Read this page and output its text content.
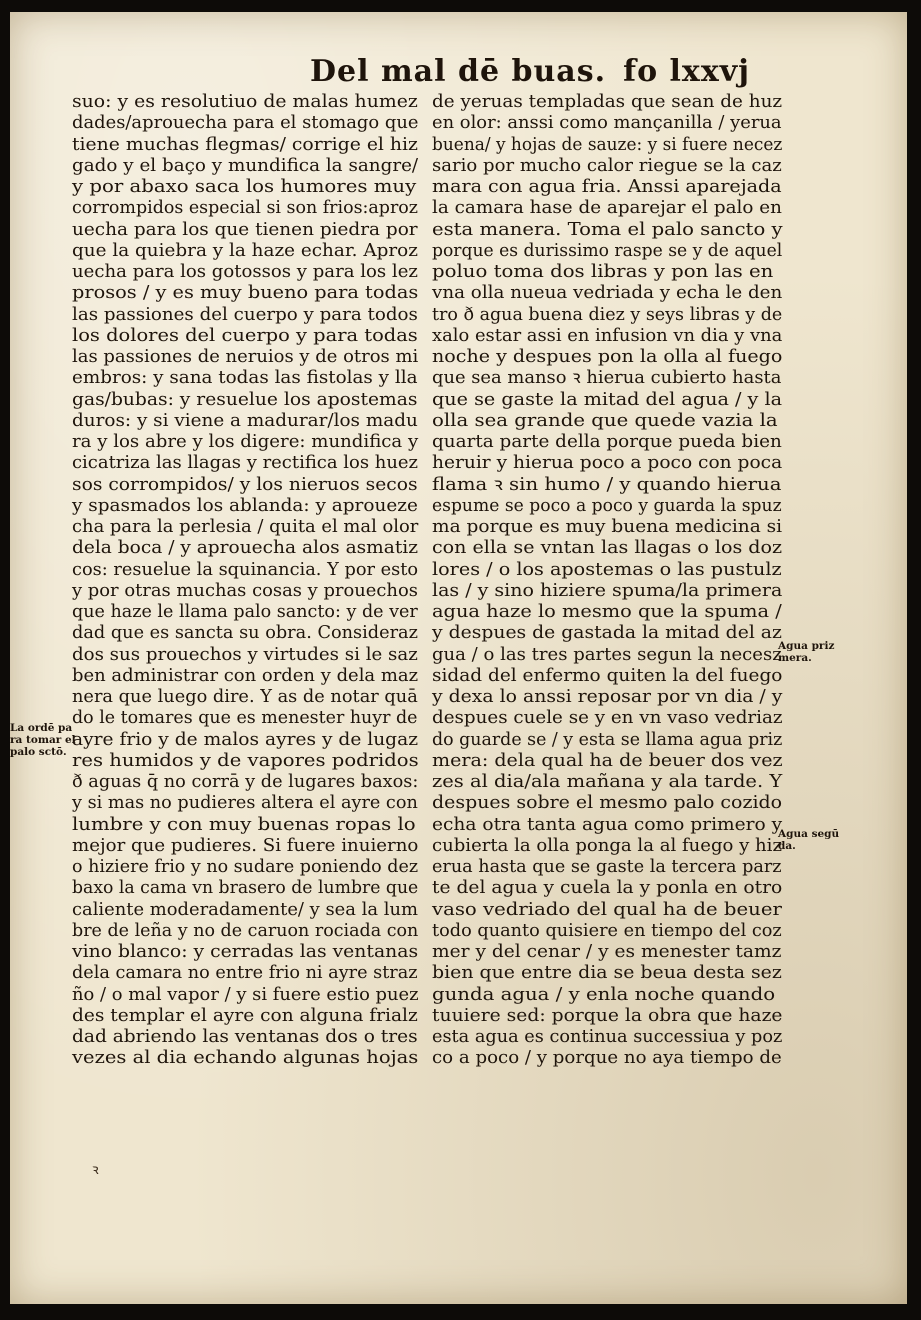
Del mal dē buas. fo lxxvj
suo: y es resolutiuo de malas humez
dades/aprouecha para el stomago que
tiene muchas flegmas/ corrige el hiz
gado y el baço y mundifica la sangre/
y por abaxo saca los humores muy
corrompidos especial si son frios:aproz
uecha para los que tienen piedra por
que la quiebra y la haze echar. Aproz
uecha para los gotossos y para los lez
prosos / y es muy bueno para todas
las passiones del cuerpo y para todos
los dolores del cuerpo y para todas
las passiones de neruios y de otros mi
embros: y sana todas las fistolas y lla
gas/bubas: y resuelue los apostemas
duros: y si viene a madurar/los madu
ra y los abre y los digere: mundifica y
cicatriza las llagas y rectifica los huez
sos corrompidos/ y los nieruos secos
y spasmados los ablanda: y aproueze
cha para la perlesia / quita el mal olor
dela boca / y aprouecha alos asmatiz
cos: resuelue la squinancia. Y por esto
y por otras muchas cosas y prouechos
que haze le llama palo sancto: y de ver
dad que es sancta su obra. Consideraz
dos sus prouechos y virtudes si le saz
ben administrar con orden y dela maz
nera que luego dire. Y as de notar quā
do le tomares que es menester huyr de
ayre frio y de malos ayres y de lugaz
res humidos y de vapores podridos
ð aguas q̄ no corrā y de lugares baxos:
y si mas no pudieres altera el ayre con
lumbre y con muy buenas ropas lo
mejor que pudieres. Si fuere inuierno
o hiziere frio y no sudare poniendo dez
baxo la cama vn brasero de lumbre que
caliente moderadamente/ y sea la lum
bre de leña y no de caruon rociada con
vino blanco: y cerradas las ventanas
dela camara no entre frio ni ayre straz
ño / o mal vapor / y si fuere estio puez
des templar el ayre con alguna frialz
dad abriendo las ventanas dos o tres
vezes al dia echando algunas hojas
de yeruas templadas que sean de huz
en olor: anssi como mançanilla / yerua
buena/ y hojas de sauze: y si fuere necez
sario por mucho calor riegue se la caz
mara con agua fria. Anssi aparejada
la camara hase de aparejar el palo en
esta manera. Toma el palo sancto y
porque es durissimo raspe se y de aquel
poluo toma dos libras y pon las en
vna olla nueua vedriada y echa le den
tro ð agua buena diez y seys libras y de
xalo estar assi en infusion vn dia y vna
noche y despues pon la olla al fuego
que sea manso ꝛ hierua cubierto hasta
que se gaste la mitad del agua / y la
olla sea grande que quede vazia la
quarta parte della porque pueda bien
heruir y hierua poco a poco con poca
flama ꝛ sin humo / y quando hierua
espume se poco a poco y guarda la spuz
ma porque es muy buena medicina si
con ella se vntan las llagas o los doz
lores / o los apostemas o las pustulz
las / y sino hiziere spuma/la primera
agua haze lo mesmo que la spuma /
y despues de gastada la mitad del az
gua / o las tres partes segun la necesz
sidad del enfermo quiten la del fuego
y dexa lo anssi reposar por vn dia / y
despues cuele se y en vn vaso vedriaz
do guarde se / y esta se llama agua priz
mera: dela qual ha de beuer dos vez
zes al dia/ala mañana y ala tarde. Y
despues sobre el mesmo palo cozido
echa otra tanta agua como primero y
cubierta la olla ponga la al fuego y hiz
erua hasta que se gaste la tercera parz
te del agua y cuela la y ponla en otro
vaso vedriado del qual ha de beuer
todo quanto quisiere en tiempo del coz
mer y del cenar / y es menester tamz
bien que entre dia se beua desta sez
gunda agua / y enla noche quando
tuuiere sed: porque la obra que haze
esta agua es continua successiua y poz
co a poco / y porque no aya tiempo de
La ordē pa
ra tomar el
palo sctō.
Agua priz
mera.
Agua segū
da.
ꝛ
